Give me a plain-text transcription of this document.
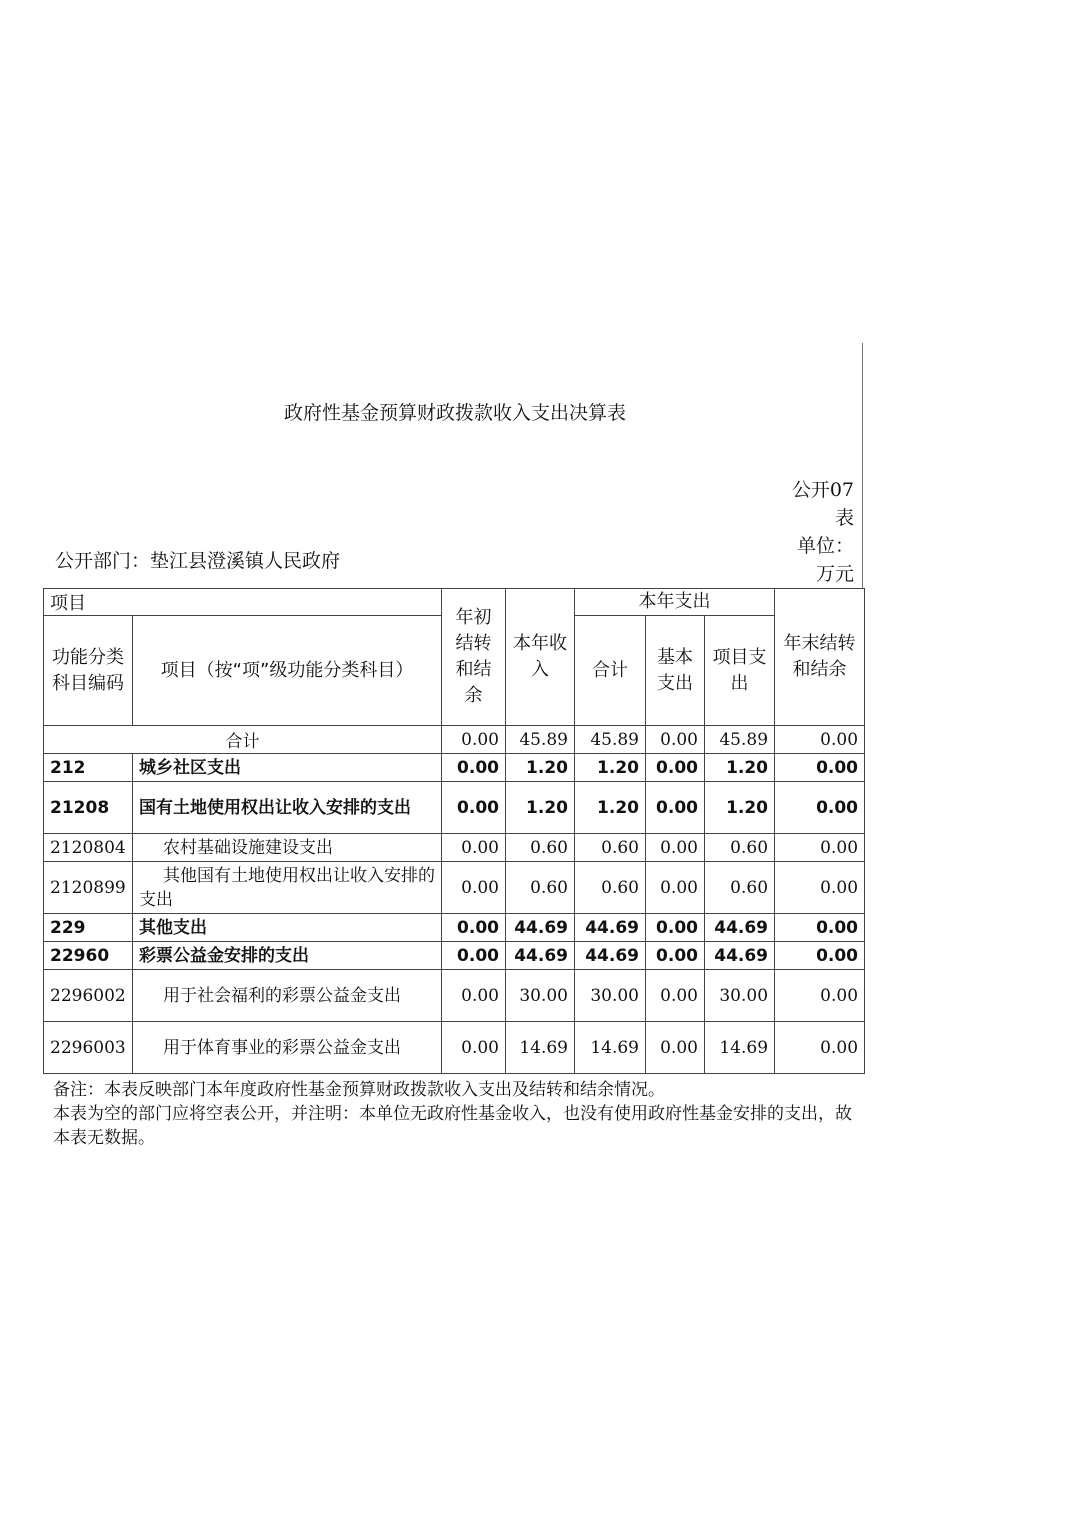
政府性基金预算财政拨款收入支出决算表
公开07表
单位：万元
公开部门：垫江县澄溪镇人民政府
项目		年初结转和结余	本年收入	本年支出			年末结转和结余
功能分类科目编码	项目（按“项”级功能分类科目）			合计	基本支出	项目支出	
合计		0.00	45.89	45.89	0.00	45.89	0.00
212	城乡社区支出	0.00	1.20	1.20	0.00	1.20	0.00
21208	国有土地使用权出让收入安排的支出	0.00	1.20	1.20	0.00	1.20	0.00
2120804	农村基础设施建设支出	0.00	0.60	0.60	0.00	0.60	0.00
2120899	其他国有土地使用权出让收入安排的支出	0.00	0.60	0.60	0.00	0.60	0.00
229	其他支出	0.00	44.69	44.69	0.00	44.69	0.00
22960	彩票公益金安排的支出	0.00	44.69	44.69	0.00	44.69	0.00
2296002	用于社会福利的彩票公益金支出	0.00	30.00	30.00	0.00	30.00	0.00
2296003	用于体育事业的彩票公益金支出	0.00	14.69	14.69	0.00	14.69	0.00
备注：本表反映部门本年度政府性基金预算财政拨款收入支出及结转和结余情况。
本表为空的部门应将空表公开，并注明：本单位无政府性基金收入，也没有使用政府性基金安排的支出，故本表无数据。
